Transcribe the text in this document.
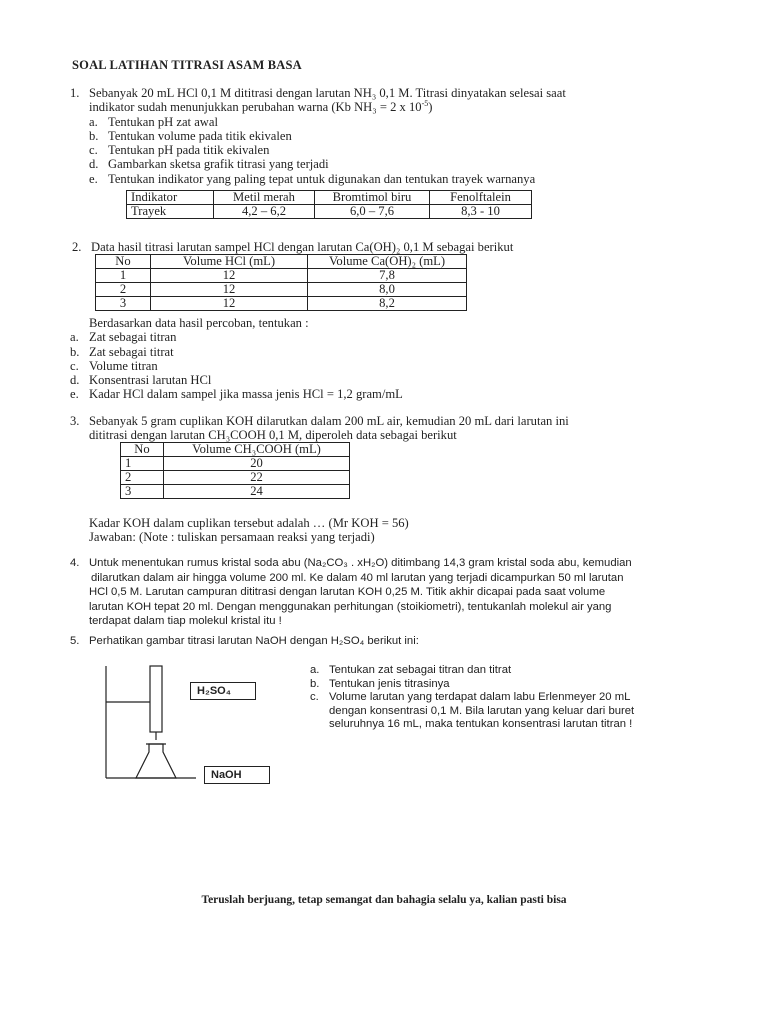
SOAL LATIHAN TITRASI ASAM BASA
1. Sebanyak 20 mL HCl 0,1 M dititrasi dengan larutan NH₃ 0,1 M. Titrasi dinyatakan selesai saat
indikator sudah menunjukkan perubahan warna (Kb NH₃ = 2 x $10^{-5}$)
a. Tentukan pH zat awal
b. Tentukan volume pada titik ekivalen
c. Tentukan pH pada titik ekivalen
d. Gambarkan sketsa grafik titrasi yang terjadi
e. Tentukan indikator yang paling tepat untuk digunakan dan tentukan trayek warnanya
Indikator	Metil merah	Bromtimol biru	Fenolftalein
Trayek	4,2 – 6,2	6,0 – 7,6	8,3 - 10
2. Data hasil titrasi larutan sampel HCl dengan larutan Ca(OH)₂ 0,1 M sebagai berikut
No	Volume HCl (mL)	Volume Ca(OH)₂ (mL)
1	12	7,8
2	12	8,0
3	12	8,2
Berdasarkan data hasil percoban, tentukan :
a. Zat sebagai titran
b. Zat sebagai titrat
c. Volume titran
d. Konsentrasi larutan HCl
e. Kadar HCl dalam sampel jika massa jenis HCl = 1,2 gram/mL
3. Sebanyak 5 gram cuplikan KOH dilarutkan dalam 200 mL air, kemudian 20 mL dari larutan ini
dititrasi dengan larutan CH₃COOH 0,1 M, diperoleh data sebagai berikut
No	Volume CH₃COOH (mL)
1	20
2	22
3	24
Kadar KOH dalam cuplikan tersebut adalah … (Mr KOH = 56)
Jawaban: (Note : tuliskan persamaan reaksi yang terjadi)
4. Untuk menentukan rumus kristal soda abu (Na₂CO₃ . xH₂O) ditimbang 14,3 gram kristal soda abu, kemudian
dilarutkan dalam air hingga volume 200 ml. Ke dalam 40 ml larutan yang terjadi dicampurkan 50 ml larutan
HCl 0,5 M. Larutan campuran dititrasi dengan larutan KOH 0,25 M. Titik akhir dicapai pada saat volume
larutan KOH tepat 20 ml. Dengan menggunakan perhitungan (stoikiometri), tentukanlah molekul air yang
terdapat dalam tiap molekul kristal itu !
5. Perhatikan gambar titrasi larutan NaOH dengan H₂SO₄ berikut ini:
a. Tentukan zat sebagai titran dan titrat
b. Tentukan jenis titrasinya
c. Volume larutan yang terdapat dalam labu Erlenmeyer 20 mL
dengan konsentrasi 0,1 M. Bila larutan yang keluar dari buret
seluruhnya 16 mL, maka tentukan konsentrasi larutan titran !
H₂SO₄
NaOH
Teruslah berjuang, tetap semangat dan bahagia selalu ya, kalian pasti bisa
